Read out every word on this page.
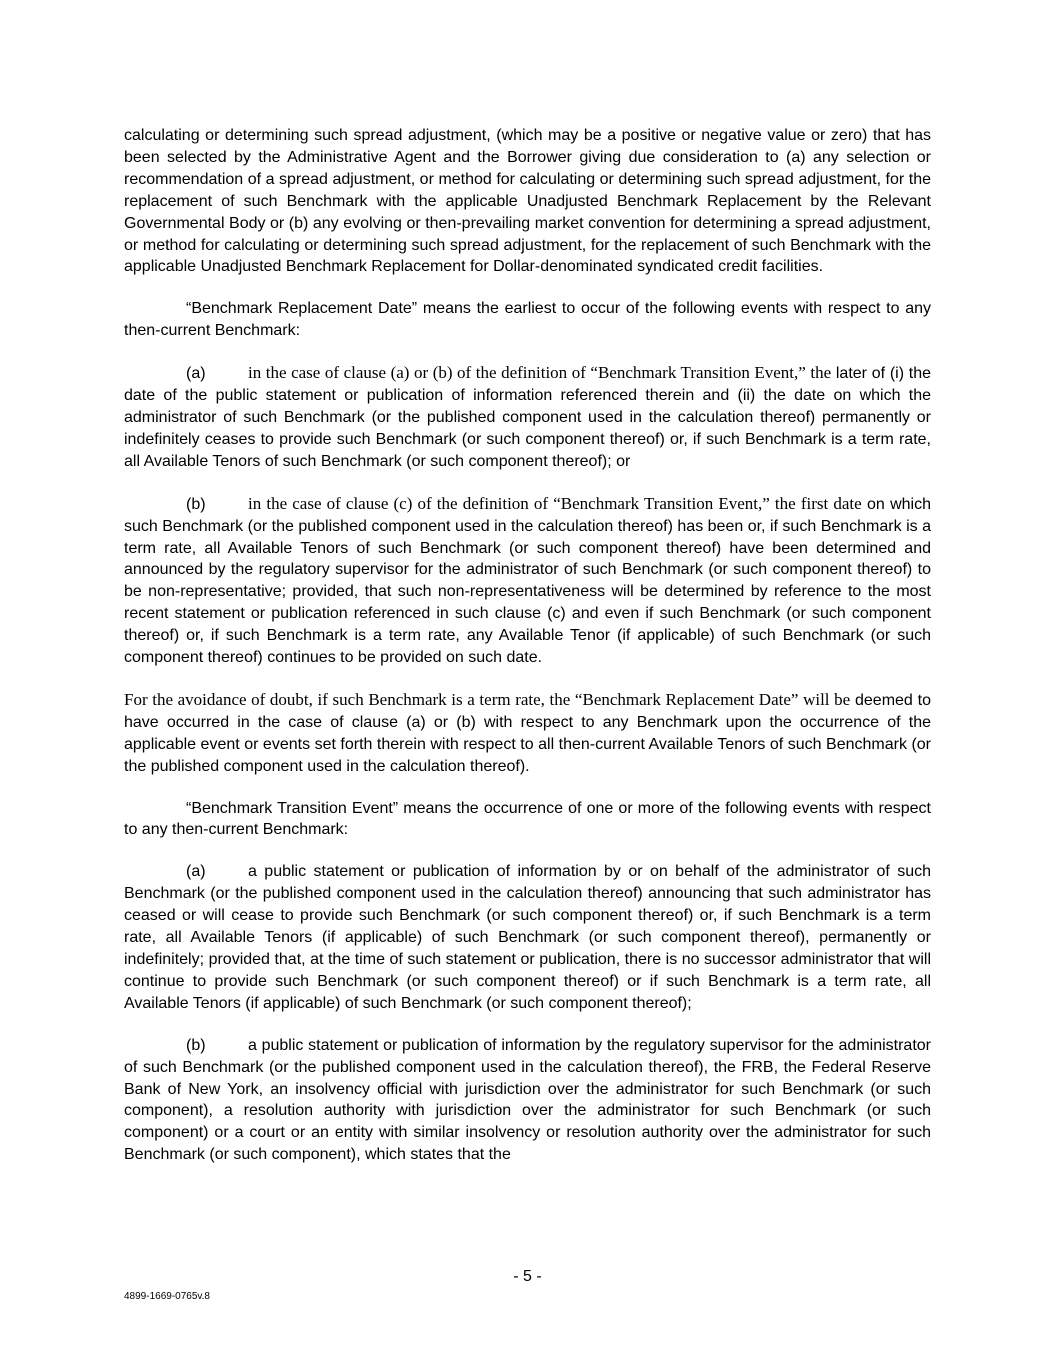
calculating or determining such spread adjustment, (which may be a positive or negative value or zero) that has been selected by the Administrative Agent and the Borrower giving due consideration to (a) any selection or recommendation of a spread adjustment, or method for calculating or determining such spread adjustment, for the replacement of such Benchmark with the applicable Unadjusted Benchmark Replacement by the Relevant Governmental Body or (b) any evolving or then-prevailing market convention for determining a spread adjustment, or method for calculating or determining such spread adjustment, for the replacement of such Benchmark with the applicable Unadjusted Benchmark Replacement for Dollar-denominated syndicated credit facilities.

“Benchmark Replacement Date” means the earliest to occur of the following events with respect to any then-current Benchmark:

(a) in the case of clause (a) or (b) of the definition of “Benchmark Transition Event,” the later of (i) the date of the public statement or publication of information referenced therein and (ii) the date on which the administrator of such Benchmark (or the published component used in the calculation thereof) permanently or indefinitely ceases to provide such Benchmark (or such component thereof) or, if such Benchmark is a term rate, all Available Tenors of such Benchmark (or such component thereof); or

(b) in the case of clause (c) of the definition of “Benchmark Transition Event,” the first date on which such Benchmark (or the published component used in the calculation thereof) has been or, if such Benchmark is a term rate, all Available Tenors of such Benchmark (or such component thereof) have been determined and announced by the regulatory supervisor for the administrator of such Benchmark (or such component thereof) to be non-representative; provided, that such non-representativeness will be determined by reference to the most recent statement or publication referenced in such clause (c) and even if such Benchmark (or such component thereof) or, if such Benchmark is a term rate, any Available Tenor (if applicable) of such Benchmark (or such component thereof) continues to be provided on such date.

For the avoidance of doubt, if such Benchmark is a term rate, the “Benchmark Replacement Date” will be deemed to have occurred in the case of clause (a) or (b) with respect to any Benchmark upon the occurrence of the applicable event or events set forth therein with respect to all then-current Available Tenors of such Benchmark (or the published component used in the calculation thereof).

“Benchmark Transition Event” means the occurrence of one or more of the following events with respect to any then-current Benchmark:

(a)	a public statement or publication of information by or on behalf of the administrator of such Benchmark (or the published component used in the calculation thereof) announcing that such administrator has ceased or will cease to provide such Benchmark (or such component thereof) or, if such Benchmark is a term rate, all Available Tenors (if applicable) of such Benchmark (or such component thereof), permanently or indefinitely; provided that, at the time of such statement or publication, there is no successor administrator that will continue to provide such Benchmark (or such component thereof) or if such Benchmark is a term rate, all Available Tenors (if applicable) of such Benchmark (or such component thereof);

(b)	a public statement or publication of information by the regulatory supervisor for the administrator of such Benchmark (or the published component used in the calculation thereof), the FRB, the Federal Reserve Bank of New York, an insolvency official with jurisdiction over the administrator for such Benchmark (or such component), a resolution authority with jurisdiction over the administrator for such Benchmark (or such component) or a court or an entity with similar insolvency or resolution authority over the administrator for such Benchmark (or such component), which states that the

- 5 -
4899-1669-0765v.8
